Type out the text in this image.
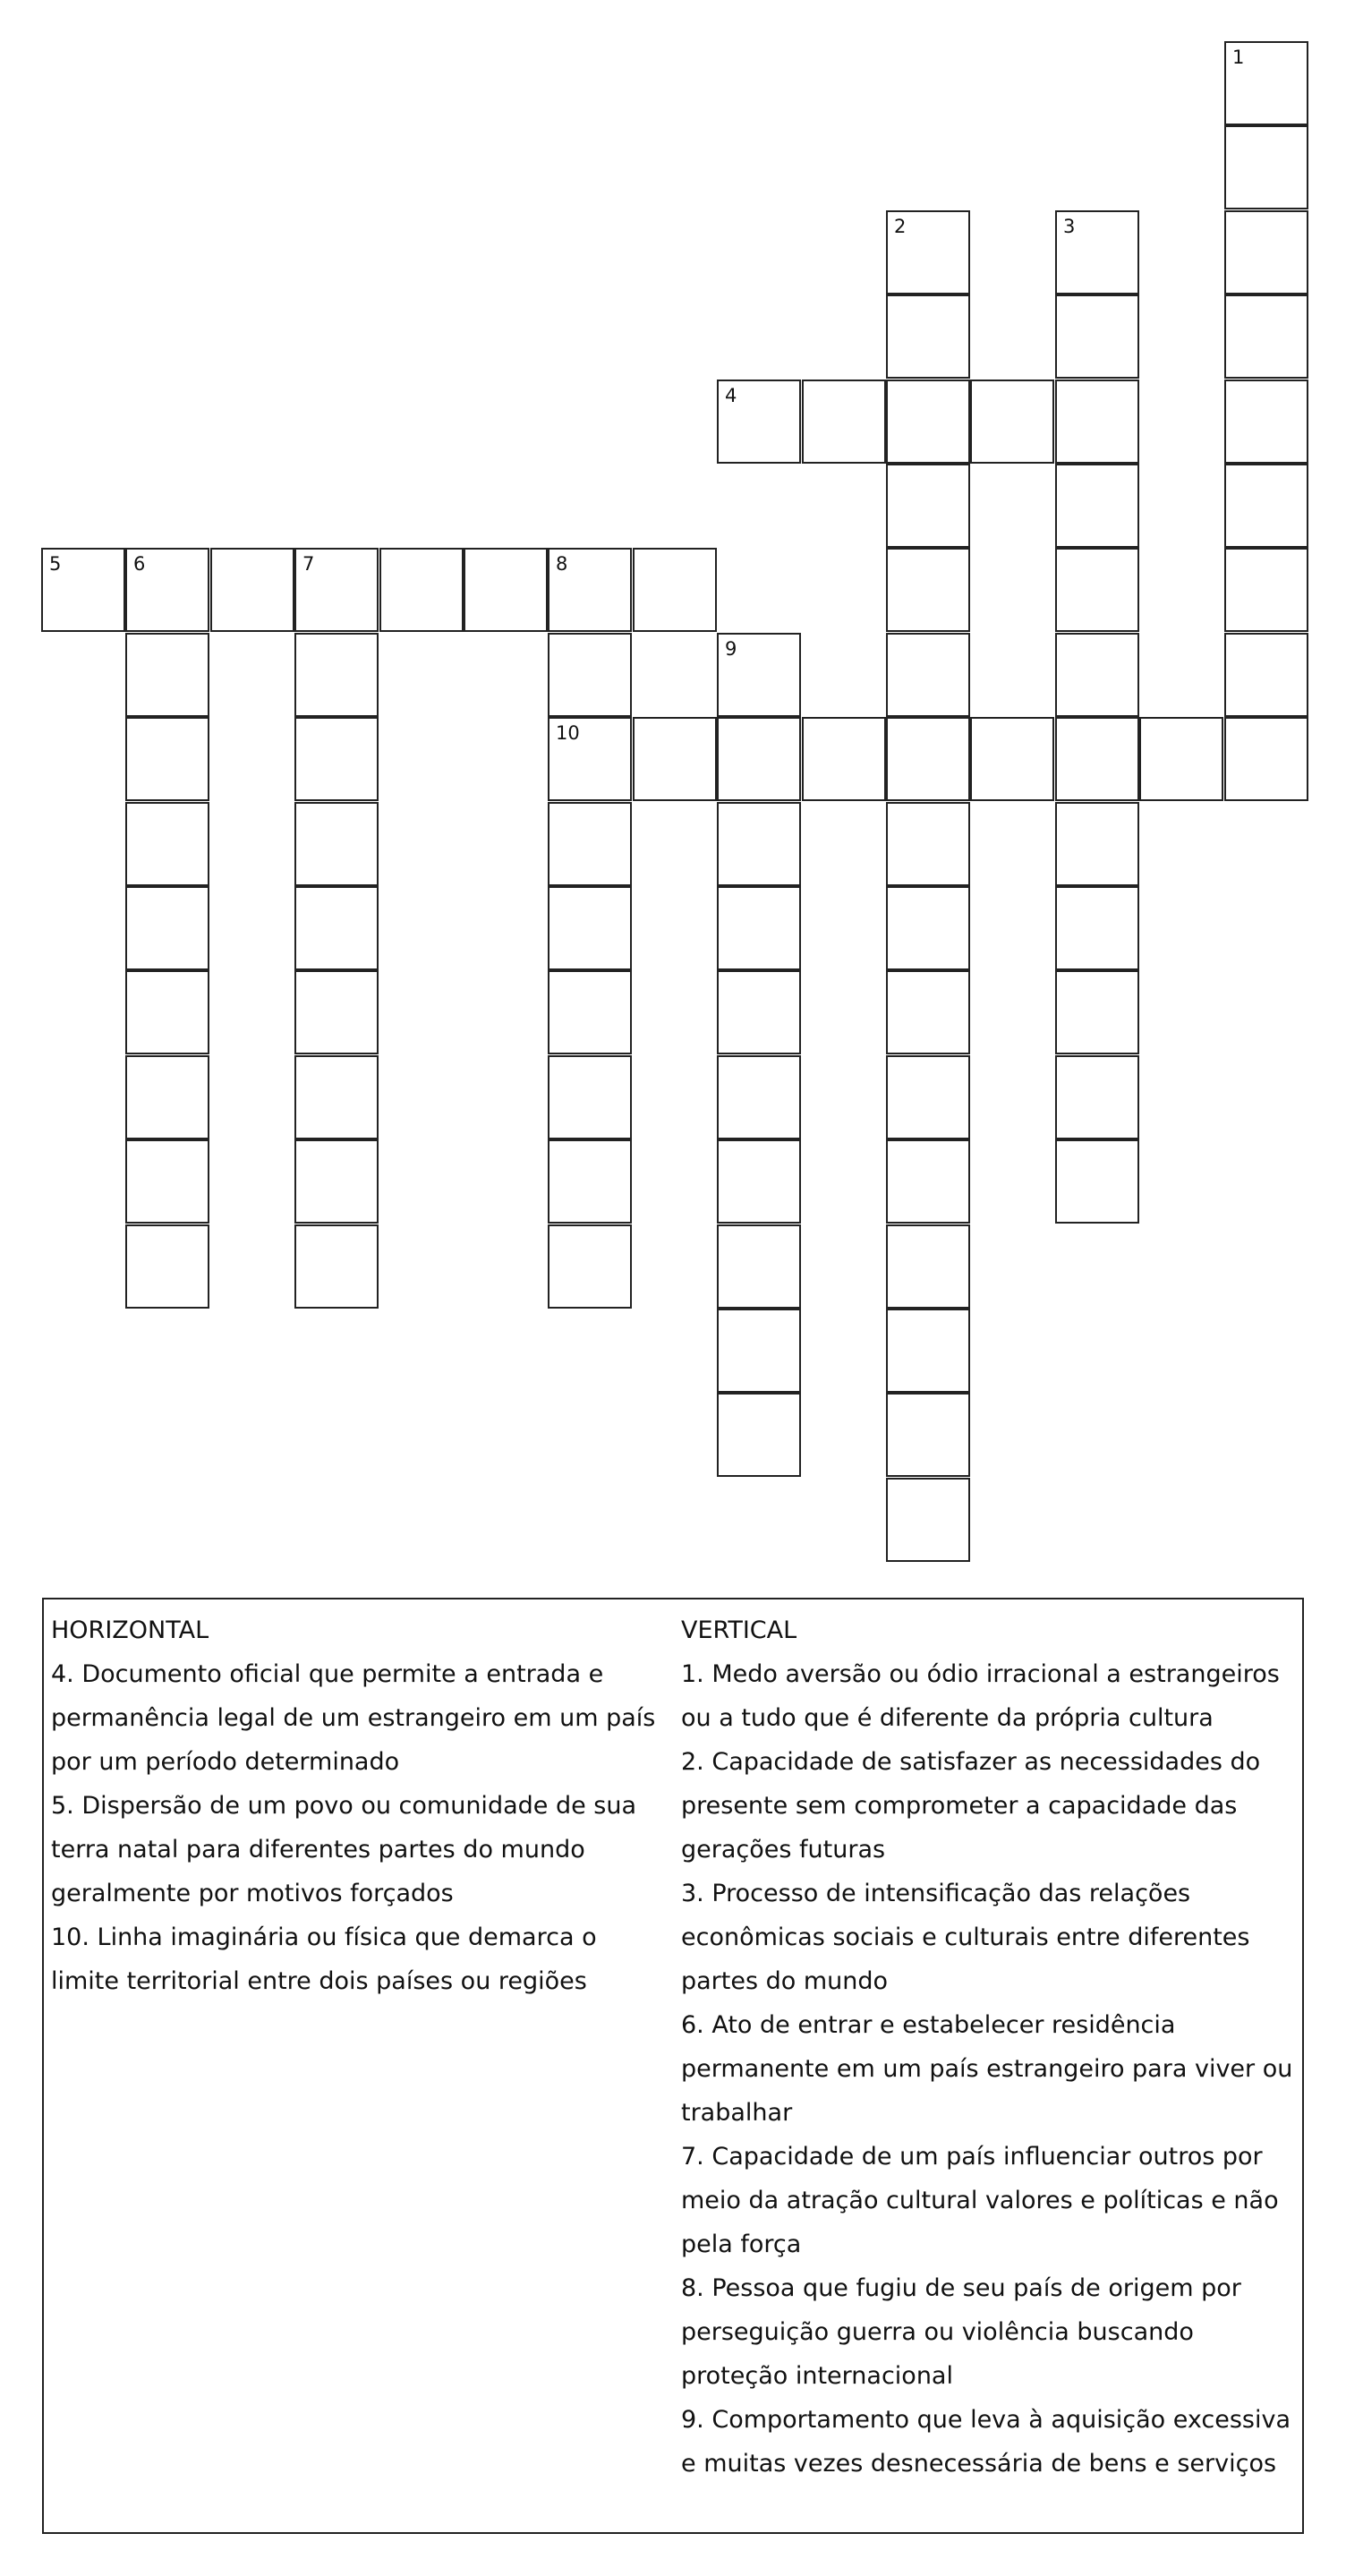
1
2	3
4
5	6	7	8
10
9

HORIZONTAL

4. Documento oficial que permite a entrada e permanência legal de um estrangeiro em um país por um período determinado

5. Dispersão de um povo ou comunidade de sua terra natal para diferentes partes do mundo geralmente por motivos forçados

10. Linha imaginária ou física que demarca o limite territorial entre dois países ou regiões

VERTICAL

1. Medo aversão ou ódio irracional a estrangeiros ou a tudo que é diferente da própria cultura

2. Capacidade de satisfazer as necessidades do presente sem comprometer a capacidade das gerações futuras

3. Processo de intensificação das relações econômicas sociais e culturais entre diferentes partes do mundo

6. Ato de entrar e estabelecer residência permanente em um país estrangeiro para viver ou trabalhar

7. Capacidade de um país influenciar outros por meio da atração cultural valores e políticas e não pela força

8. Pessoa que fugiu de seu país de origem por perseguição guerra ou violência buscando proteção internacional

9. Comportamento que leva à aquisição excessiva e muitas vezes desnecessária de bens e serviços
